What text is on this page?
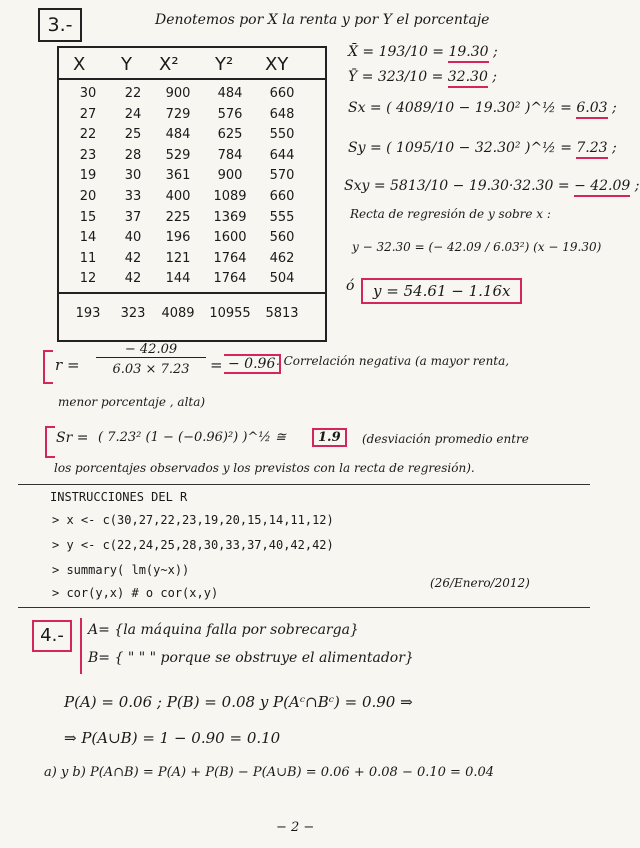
3.-	Denotemos por X la renta y por Y el porcentaje
X Y X² Y² XY
30	22	900	484	660
27	24	729	576	648
22	25	484	625	550
23	28	529	784	644
19	30	361	900	570
20	33	400	1089	660
15	37	225	1369	555
14	40	196	1600	560
11	42	121	1764	462
12	42	144	1764	504
193	323	4089	10955	5813
X̄ = 193/10 = 19.30 ;
Ȳ = 323/10 = 32.30 ;
Sx = ( 4089/10 − 19.30² )^½ = 6.03 ;
Sy = ( 1095/10 − 32.30² )^½ = 7.23 ;
Sxy = 5813/10 − 19.30·32.30 = − 42.09 ;
Recta de regresión de y sobre x :
y − 32.30 = (− 42.09 / 6.03²) (x − 19.30)
ó	y = 54.61 − 1.16x
r =
− 42.09
6.03 × 7.23	= − 0.96 . Correlación negativa (a mayor renta,
menor porcentaje , alta)
Sr = ( 7.23² (1 − (−0.96)²) )^½ ≅	1.9	(desviación promedio entre
los porcentajes observados y los previstos con la recta de regresión).
INSTRUCCIONES DEL R
> x <- c(30,27,22,23,19,20,15,14,11,12)
> y <- c(22,24,25,28,30,33,37,40,42,42)
> summary( lm(y~x))
> cor(y,x) # o cor(x,y)
(26/Enero/2012)
4.-	A= {la máquina falla por sobrecarga}
B= { " " " porque se obstruye el alimentador}
P(A) = 0.06 ; P(B) = 0.08 y P(Aᶜ∩Bᶜ) = 0.90 ⇒
⇒ P(A∪B) = 1 − 0.90 = 0.10
a) y b) P(A∩B) = P(A) + P(B) − P(A∪B) = 0.06 + 0.08 − 0.10 = 0.04
− 2 −
